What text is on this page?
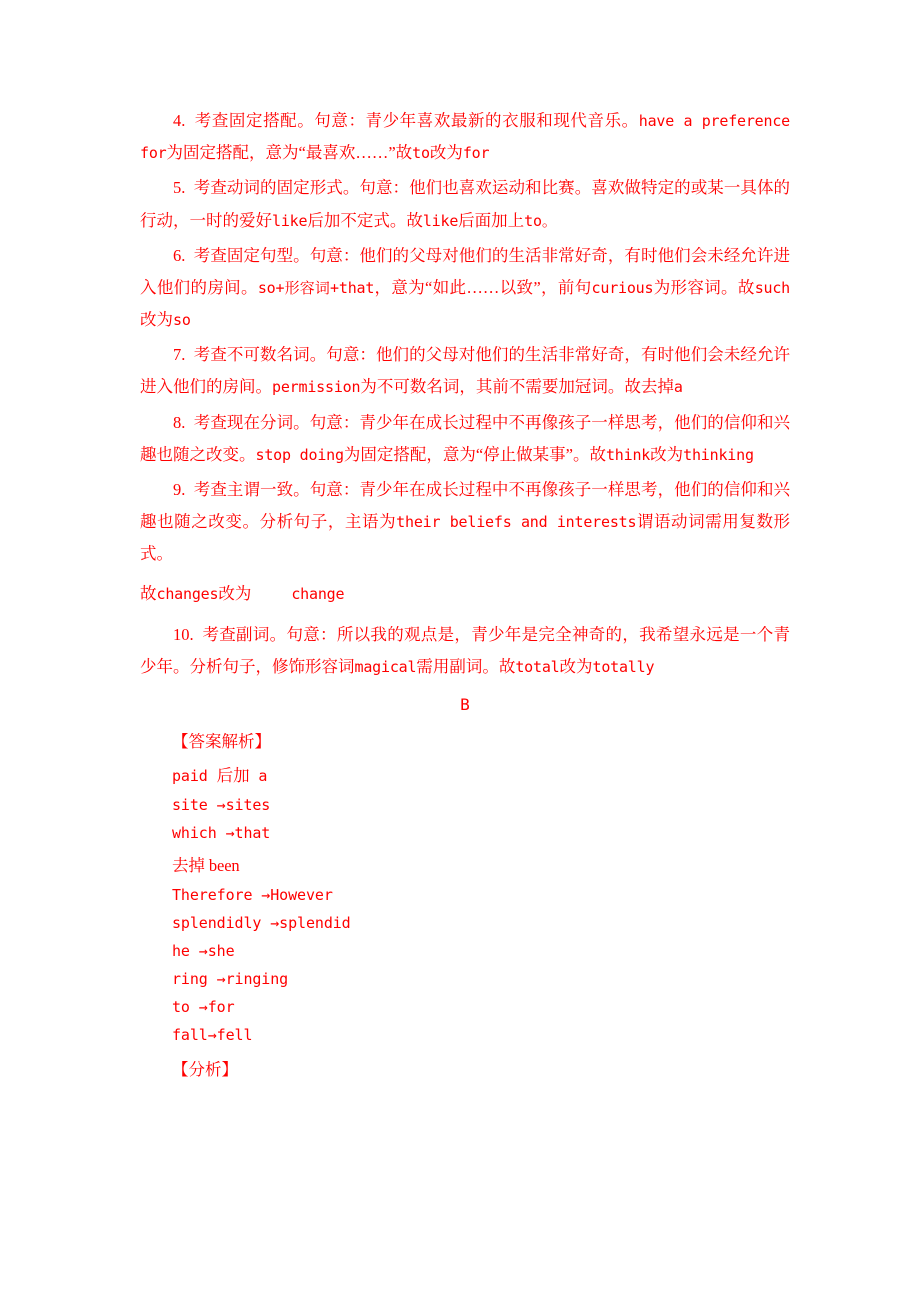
4. 考查固定搭配。句意：青少年喜欢最新的衣服和现代音乐。have a preference for为固定搭配，意为“最喜欢……”故to改为for

5. 考查动词的固定形式。句意：他们也喜欢运动和比赛。喜欢做特定的或某一具体的行动，一时的爱好like后加不定式。故like后面加上to。

6. 考查固定句型。句意：他们的父母对他们的生活非常好奇，有时他们会未经允许进入他们的房间。so+形容词+that，意为“如此……以致”，前句curious为形容词。故such改为so

7. 考查不可数名词。句意：他们的父母对他们的生活非常好奇，有时他们会未经允许进入他们的房间。permission为不可数名词，其前不需要加冠词。故去掉a

8. 考查现在分词。句意：青少年在成长过程中不再像孩子一样思考，他们的信仰和兴趣也随之改变。stop doing为固定搭配，意为“停止做某事”。故think改为thinking

9. 考查主谓一致。句意：青少年在成长过程中不再像孩子一样思考，他们的信仰和兴趣也随之改变。分析句子，主语为their beliefs and interests谓语动词需用复数形式。

故changes改为	change

10. 考查副词。句意：所以我的观点是，青少年是完全神奇的，我希望永远是一个青少年。分析句子，修饰形容词magical需用副词。故total改为totally

B

【答案解析】

paid 后加 a

site →sites

which →that

去掉 been

Therefore →However

splendidly →splendid

he →she

ring →ringing

to →for

fall→fell

【分析】
